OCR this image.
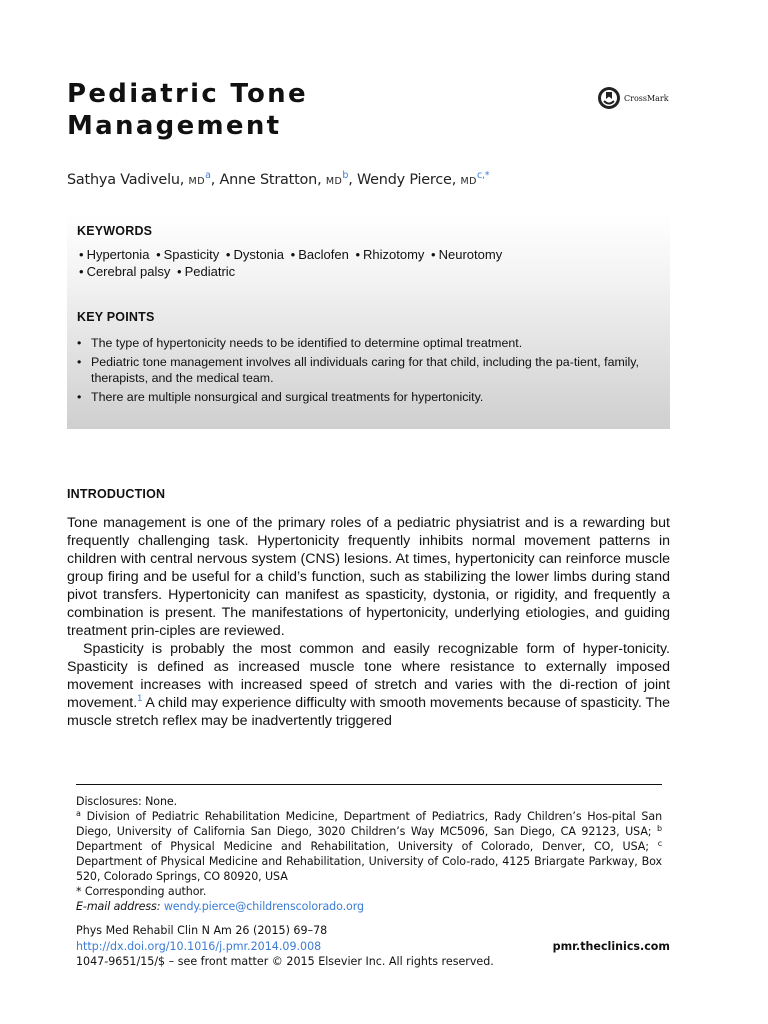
Pediatric Tone
Management
CrossMark
Sathya Vadivelu, $MD^a$, Anne Stratton, $MD^b$, Wendy Pierce, $MD^{c,*}$
KEYWORDS
• Hypertonia • Spasticity • Dystonia • Baclofen • Rhizotomy • Neurotomy
• Cerebral palsy • Pediatric
KEY POINTS
• The type of hypertonicity needs to be identified to determine optimal treatment.
• Pediatric tone management involves all individuals caring for that child, including the pa-tient, family, therapists, and the medical team.
• There are multiple nonsurgical and surgical treatments for hypertonicity.
INTRODUCTION

Tone management is one of the primary roles of a pediatric physiatrist and is a rewarding but frequently challenging task. Hypertonicity frequently inhibits normal movement patterns in children with central nervous system (CNS) lesions. At times, hypertonicity can reinforce muscle group firing and be useful for a child’s function, such as stabilizing the lower limbs during stand pivot transfers. Hypertonicity can manifest as spasticity, dystonia, or rigidity, and frequently a combination is present. The manifestations of hypertonicity, underlying etiologies, and guiding treatment prin-ciples are reviewed.

Spasticity is probably the most common and easily recognizable form of hyper-tonicity. Spasticity is defined as increased muscle tone where resistance to externally imposed movement increases with increased speed of stretch and varies with the di-rection of joint movement.$^1$ A child may experience difficulty with smooth movements because of spasticity. The muscle stretch reflex may be inadvertently triggered

Disclosures: None.

$^a$ Division of Pediatric Rehabilitation Medicine, Department of Pediatrics, Rady Children’s Hos-pital San Diego, University of California San Diego, 3020 Children’s Way MC5096, San Diego, CA 92123, USA; $^b$ Department of Physical Medicine and Rehabilitation, University of Colorado, Denver, CO, USA; $^c$ Department of Physical Medicine and Rehabilitation, University of Colo-rado, 4125 Briargate Parkway, Box 520, Colorado Springs, CO 80920, USA

* Corresponding author.

E-mail address: wendy.pierce@childrenscolorado.org

Phys Med Rehabil Clin N Am 26 (2015) 69–78
http://dx.doi.org/10.1016/j.pmr.2014.09.008	pmr.theclinics.com
1047-9651/15/$ – see front matter © 2015 Elsevier Inc. All rights reserved.
